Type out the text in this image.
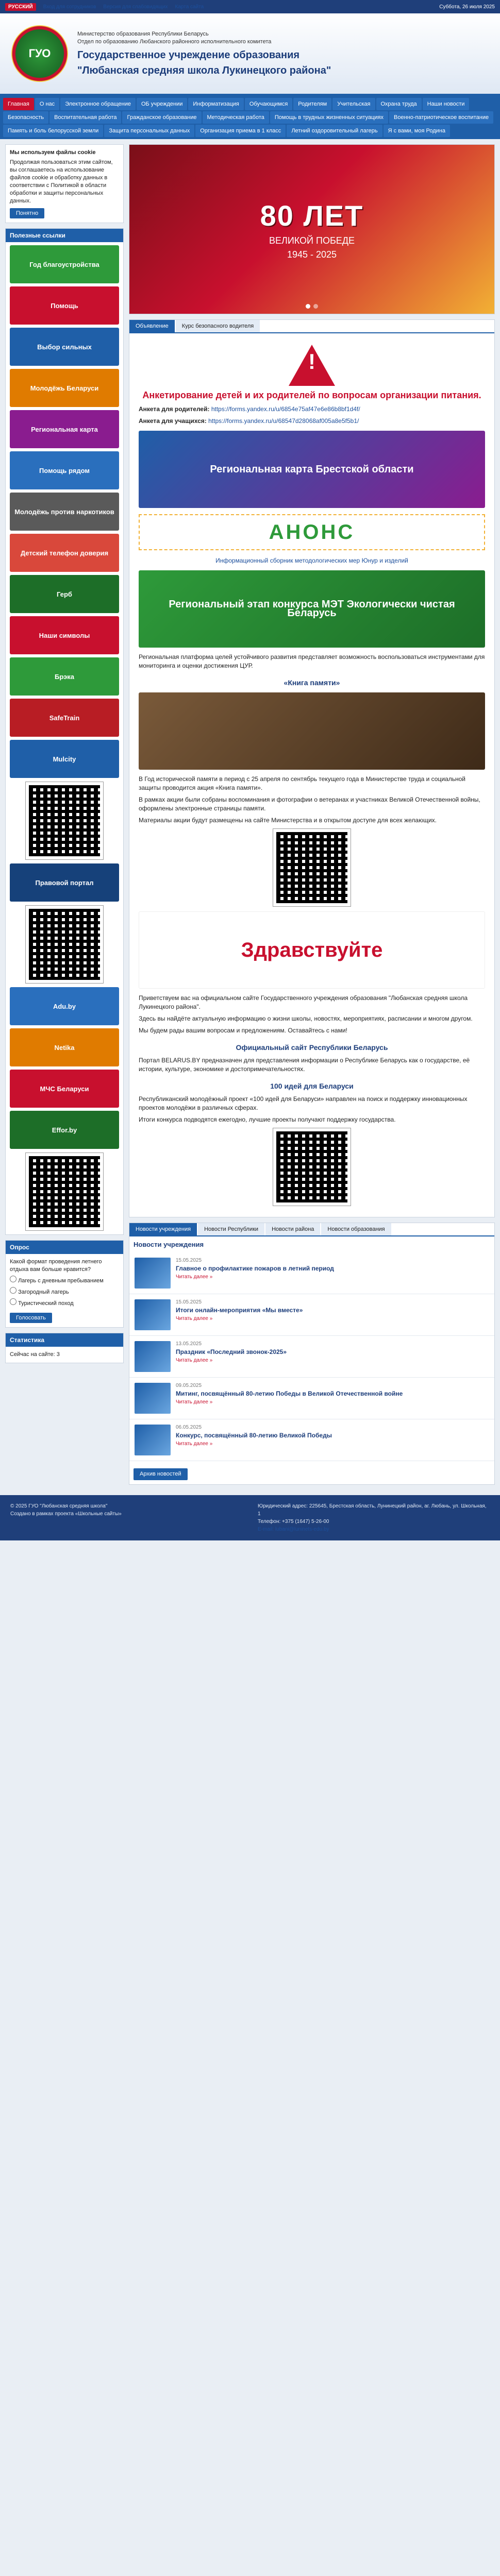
РУССКИЙ	Вход для сотрудников Версия для слабовидящих Карта сайта	Суббота, 26 июля 2025
ГУО
Министерство образования Республики Беларусь
Отдел по образованию Любанского районного исполнительного комитета
Государственное учреждение образования
"Любанская средняя школа Лукинецкого района"
Главная	О нас	Электронное обращение	ОБ учреждении	Информатизация	Обучающимся	Родителям	Учительская	Охрана труда	Наши новости
Безопасность	Воспитательная работа	Гражданское образование	Методическая работа	Помощь в трудных жизненных ситуациях	Военно-патриотическое воспитание
Память и боль белорусской земли	Защита персональных данных	Организация приема в 1 класс	Летний оздоровительный лагерь	Я с вами, моя Родина
Мы используем файлы cookie

Продолжая пользоваться этим сайтом, вы соглашаетесь на использование файлов cookie и обработку данных в соответствии с Политикой в области обработки и защиты персональных данных.

Понятно
Полезные ссылки
Год благоустройства
Помощь
Выбор сильных
Молодёжь Беларуси
Региональная карта
Помощь рядом
Молодёжь против наркотиков
Детский телефон доверия
Герб
Наши символы
Брэка
SafeTrain
Mulcity
Правовой портал
Adu.by
Netika
МЧС Беларуси
Effor.by
Опрос

Какой формат проведения летнего отдыха вам больше нравится?

Лагерь с дневным пребыванием
Загородный лагерь
Туристический поход
Голосовать
Статистика
Сейчас на сайте: 3
80 ЛЕТ
ВЕЛИКОЙ ПОБЕДЕ
1945 - 2025
Объявление	Курс безопасного водителя
!
Анкетирование детей и их родителей по вопросам организации питания.

Анкета для родителей: https://forms.yandex.ru/u/6854e75af47e6e86b8bf1d4f/

Анкета для учащихся: https://forms.yandex.ru/u/68547d28068af005a8e5f5b1/

Региональная карта Брестской области
АНОНС

Информационный сборник методологических мер Юнур и изделий

Региональный этап конкурса МЭТ Экологически чистая Беларусь

Региональная платформа целей устойчивого развития представляет возможность воспользоваться инструментами для мониторинга и оценки достижения ЦУР.

«Книга памяти»

В Год исторической памяти в период с 25 апреля по сентябрь текущего года в Министерстве труда и социальной защиты проводится акция «Книга памяти».

В рамках акции были собраны воспоминания и фотографии о ветеранах и участниках Великой Отечественной войны, оформлены электронные страницы памяти.

Материалы акции будут размещены на сайте Министерства и в открытом доступе для всех желающих.

Здравствуйте

Приветствуем вас на официальном сайте Государственного учреждения образования "Любанская средняя школа Лукинецкого района".

Здесь вы найдёте актуальную информацию о жизни школы, новостях, мероприятиях, расписании и многом другом.

Мы будем рады вашим вопросам и предложениям. Оставайтесь с нами!

Официальный сайт Республики Беларусь

Портал BELARUS.BY предназначен для представления информации о Республике Беларусь как о государстве, её истории, культуре, экономике и достопримечательностях.

100 идей для Беларуси

Республиканский молодёжный проект «100 идей для Беларуси» направлен на поиск и поддержку инновационных проектов молодёжи в различных сферах.

Итоги конкурса подводятся ежегодно, лучшие проекты получают поддержку государства.

Новости учреждения	Новости Республики	Новости района	Новости образования
Новости учреждения
15.05.2025
Главное о профилактике пожаров в летний период
Читать далее »
15.05.2025
Итоги онлайн-мероприятия «Мы вместе»
Читать далее »
13.05.2025
Праздник «Последний звонок-2025»
Читать далее »
09.05.2025
Митинг, посвящённый 80-летию Победы в Великой Отечественной войне
Читать далее »
06.05.2025
Конкурс, посвящённый 80-летию Великой Победы
Читать далее »
Архив новостей
© 2025 ГУО "Любанская средняя школа"
Создано в рамках проекта «Школьные сайты»
Юридический адрес: 225645, Брестская область, Лунинецкий район, аг. Любань, ул. Школьная, 1
Телефон: +375 (1647) 5-26-00
E-mail: lubani@luninets-edu.by
